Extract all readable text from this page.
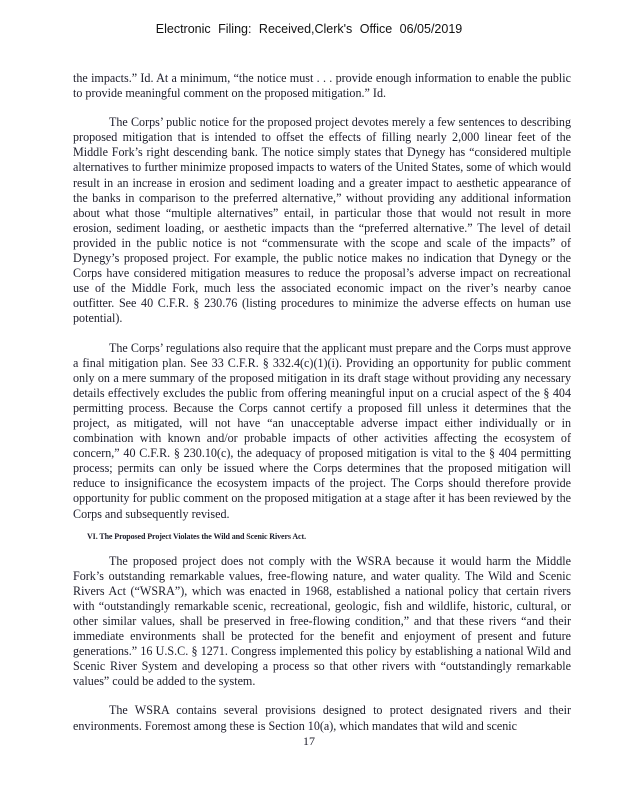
Electronic Filing: Received,Clerk's Office 06/05/2019

the impacts.” Id. At a minimum, “the notice must . . . provide enough information to enable the public to provide meaningful comment on the proposed mitigation.” Id.

The Corps’ public notice for the proposed project devotes merely a few sentences to describing proposed mitigation that is intended to offset the effects of filling nearly 2,000 linear feet of the Middle Fork’s right descending bank. The notice simply states that Dynegy has “considered multiple alternatives to further minimize proposed impacts to waters of the United States, some of which would result in an increase in erosion and sediment loading and a greater impact to aesthetic appearance of the banks in comparison to the preferred alternative,” without providing any additional information about what those “multiple alternatives” entail, in particular those that would not result in more erosion, sediment loading, or aesthetic impacts than the “preferred alternative.” The level of detail provided in the public notice is not “commensurate with the scope and scale of the impacts” of Dynegy’s proposed project. For example, the public notice makes no indication that Dynegy or the Corps have considered mitigation measures to reduce the proposal’s adverse impact on recreational use of the Middle Fork, much less the associated economic impact on the river’s nearby canoe outfitter. See 40 C.F.R. § 230.76 (listing procedures to minimize the adverse effects on human use potential).

The Corps’ regulations also require that the applicant must prepare and the Corps must approve a final mitigation plan. See 33 C.F.R. § 332.4(c)(1)(i). Providing an opportunity for public comment only on a mere summary of the proposed mitigation in its draft stage without providing any necessary details effectively excludes the public from offering meaningful input on a crucial aspect of the § 404 permitting process. Because the Corps cannot certify a proposed fill unless it determines that the project, as mitigated, will not have “an unacceptable adverse impact either individually or in combination with known and/or probable impacts of other activities affecting the ecosystem of concern,” 40 C.F.R. § 230.10(c), the adequacy of proposed mitigation is vital to the § 404 permitting process; permits can only be issued where the Corps determines that the proposed mitigation will reduce to insignificance the ecosystem impacts of the project. The Corps should therefore provide opportunity for public comment on the proposed mitigation at a stage after it has been reviewed by the Corps and subsequently revised.

VI. The Proposed Project Violates the Wild and Scenic Rivers Act.

The proposed project does not comply with the WSRA because it would harm the Middle Fork’s outstanding remarkable values, free-flowing nature, and water quality. The Wild and Scenic Rivers Act (“WSRA”), which was enacted in 1968, established a national policy that certain rivers with “outstandingly remarkable scenic, recreational, geologic, fish and wildlife, historic, cultural, or other similar values, shall be preserved in free-flowing condition,” and that these rivers “and their immediate environments shall be protected for the benefit and enjoyment of present and future generations.” 16 U.S.C. § 1271. Congress implemented this policy by establishing a national Wild and Scenic River System and developing a process so that other rivers with “outstandingly remarkable values” could be added to the system.

The WSRA contains several provisions designed to protect designated rivers and their environments. Foremost among these is Section 10(a), which mandates that wild and scenic

17
